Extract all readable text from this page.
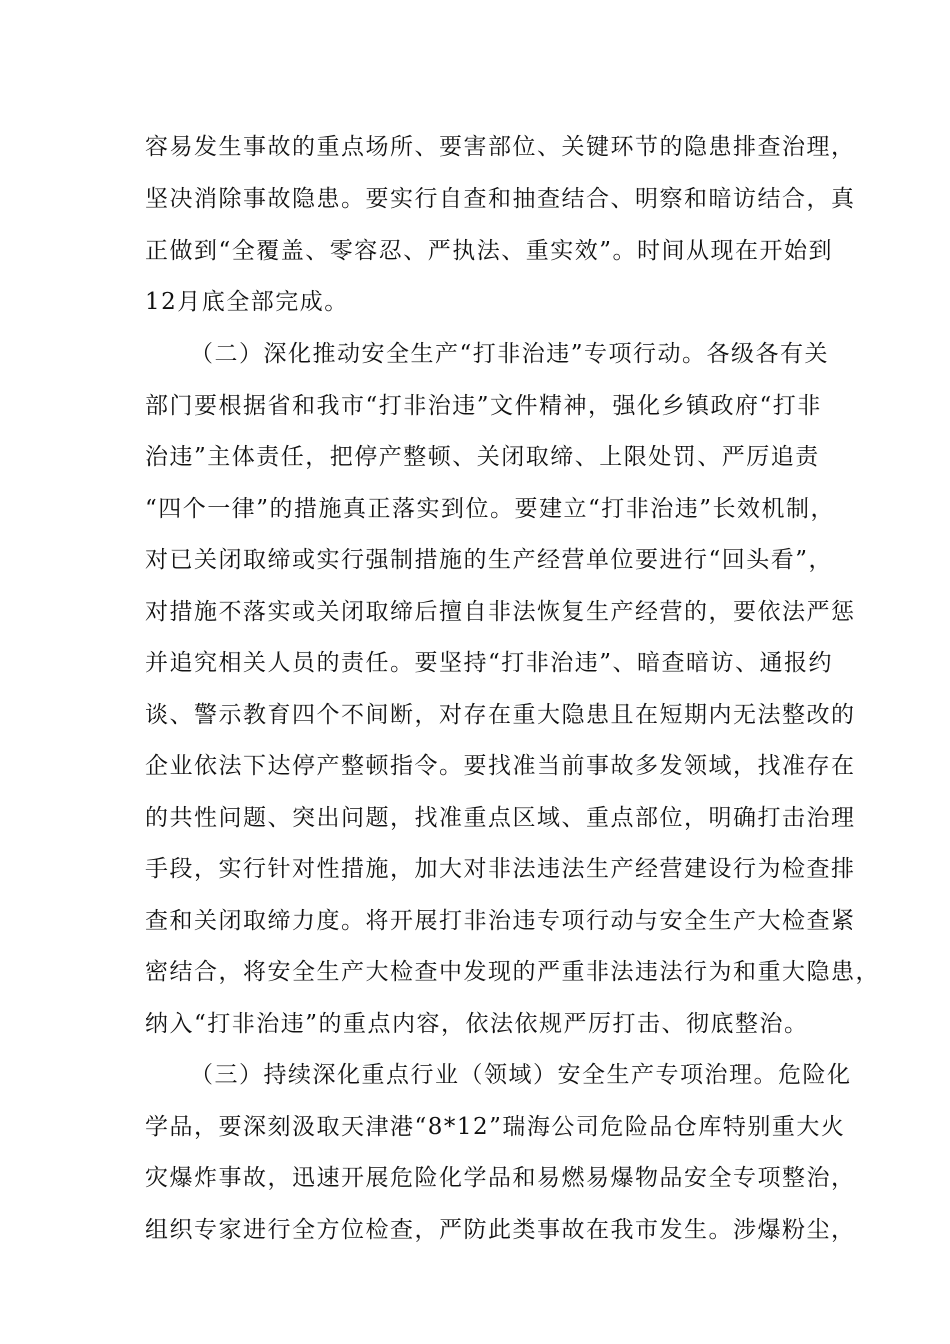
容易发生事故的重点场所、要害部位、关键环节的隐患排查治理，
坚决消除事故隐患。要实行自查和抽查结合、明察和暗访结合，真
正做到“全覆盖、零容忍、严执法、重实效”。时间从现在开始到
12月底全部完成。
（二）深化推动安全生产“打非治违”专项行动。各级各有关
部门要根据省和我市“打非治违”文件精神，强化乡镇政府“打非
治违”主体责任，把停产整顿、关闭取缔、上限处罚、严厉追责
“四个一律”的措施真正落实到位。要建立“打非治违”长效机制，
对已关闭取缔或实行强制措施的生产经营单位要进行“回头看”，
对措施不落实或关闭取缔后擅自非法恢复生产经营的，要依法严惩
并追究相关人员的责任。要坚持“打非治违”、暗查暗访、通报约
谈、警示教育四个不间断，对存在重大隐患且在短期内无法整改的
企业依法下达停产整顿指令。要找准当前事故多发领域，找准存在
的共性问题、突出问题，找准重点区域、重点部位，明确打击治理
手段，实行针对性措施，加大对非法违法生产经营建设行为检查排
查和关闭取缔力度。将开展打非治违专项行动与安全生产大检查紧
密结合，将安全生产大检查中发现的严重非法违法行为和重大隐患，
纳入“打非治违”的重点内容，依法依规严厉打击、彻底整治。
（三）持续深化重点行业（领域）安全生产专项治理。危险化
学品，要深刻汲取天津港“8*12”瑞海公司危险品仓库特别重大火
灾爆炸事故，迅速开展危险化学品和易燃易爆物品安全专项整治，
组织专家进行全方位检查，严防此类事故在我市发生。涉爆粉尘，
